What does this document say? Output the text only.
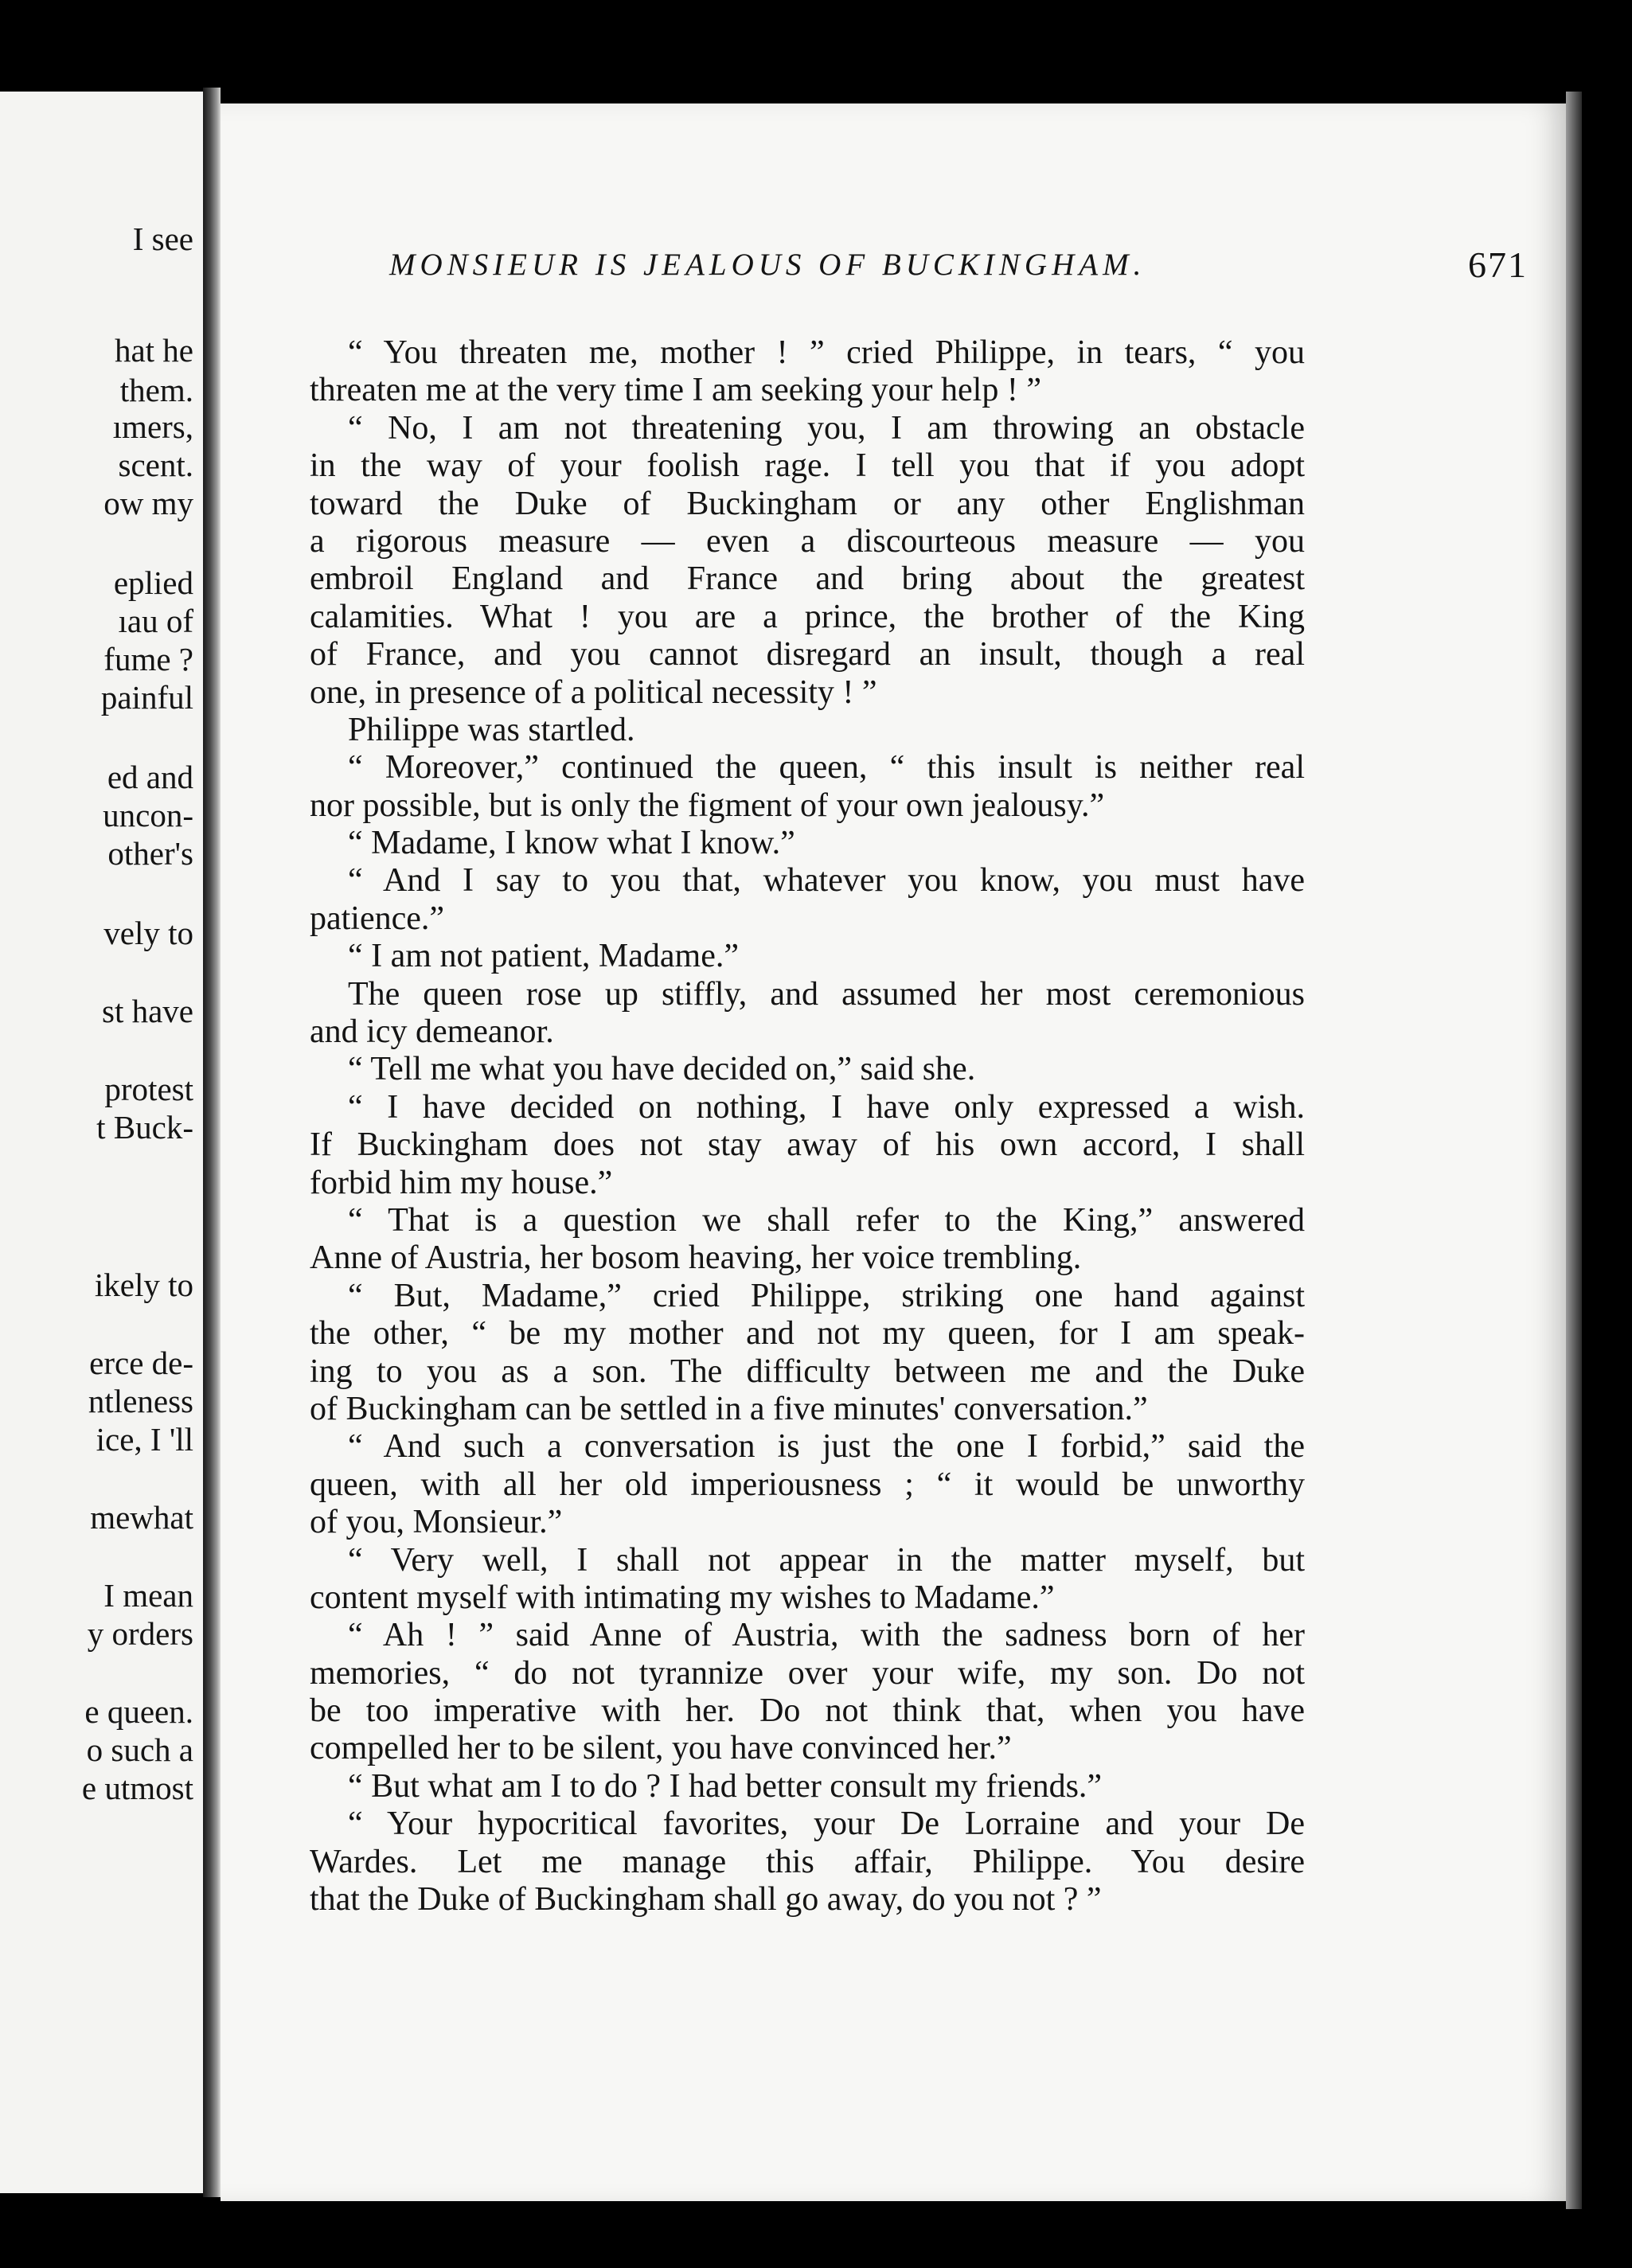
I see
hat he
them.
ımers,
scent.
ow my
eplied
ıau of
fume ?
painful
ed and
uncon-
other's
vely to
st have
protest
t Buck-
ikely to
erce de-
ntleness
ice, I 'll
mewhat
I mean
y orders
e queen.
o such a
e utmost
MONSIEUR IS JEALOUS OF BUCKINGHAM.	671
“ You threaten me, mother ! ” cried Philippe, in tears, “ you
threaten me at the very time I am seeking your help ! ”
“ No, I am not threatening you, I am throwing an obstacle
in the way of your foolish rage. I tell you that if you adopt
toward the Duke of Buckingham or any other Englishman
a rigorous measure — even a discourteous measure — you
embroil England and France and bring about the greatest
calamities. What ! you are a prince, the brother of the King
of France, and you cannot disregard an insult, though a real
one, in presence of a political necessity ! ”
Philippe was startled.
“ Moreover,” continued the queen, “ this insult is neither real
nor possible, but is only the figment of your own jealousy.”
“ Madame, I know what I know.”
“ And I say to you that, whatever you know, you must have
patience.”
“ I am not patient, Madame.”
The queen rose up stiffly, and assumed her most ceremonious
and icy demeanor.
“ Tell me what you have decided on,” said she.
“ I have decided on nothing, I have only expressed a wish.
If Buckingham does not stay away of his own accord, I shall
forbid him my house.”
“ That is a question we shall refer to the King,” answered
Anne of Austria, her bosom heaving, her voice trembling.
“ But, Madame,” cried Philippe, striking one hand against
the other, “ be my mother and not my queen, for I am speak-
ing to you as a son. The difficulty between me and the Duke
of Buckingham can be settled in a five minutes' conversation.”
“ And such a conversation is just the one I forbid,” said the
queen, with all her old imperiousness ; “ it would be unworthy
of you, Monsieur.”
“ Very well, I shall not appear in the matter myself, but
content myself with intimating my wishes to Madame.”
“ Ah ! ” said Anne of Austria, with the sadness born of her
memories, “ do not tyrannize over your wife, my son. Do not
be too imperative with her. Do not think that, when you have
compelled her to be silent, you have convinced her.”
“ But what am I to do ? I had better consult my friends.”
“ Your hypocritical favorites, your De Lorraine and your De
Wardes. Let me manage this affair, Philippe. You desire
that the Duke of Buckingham shall go away, do you not ? ”
